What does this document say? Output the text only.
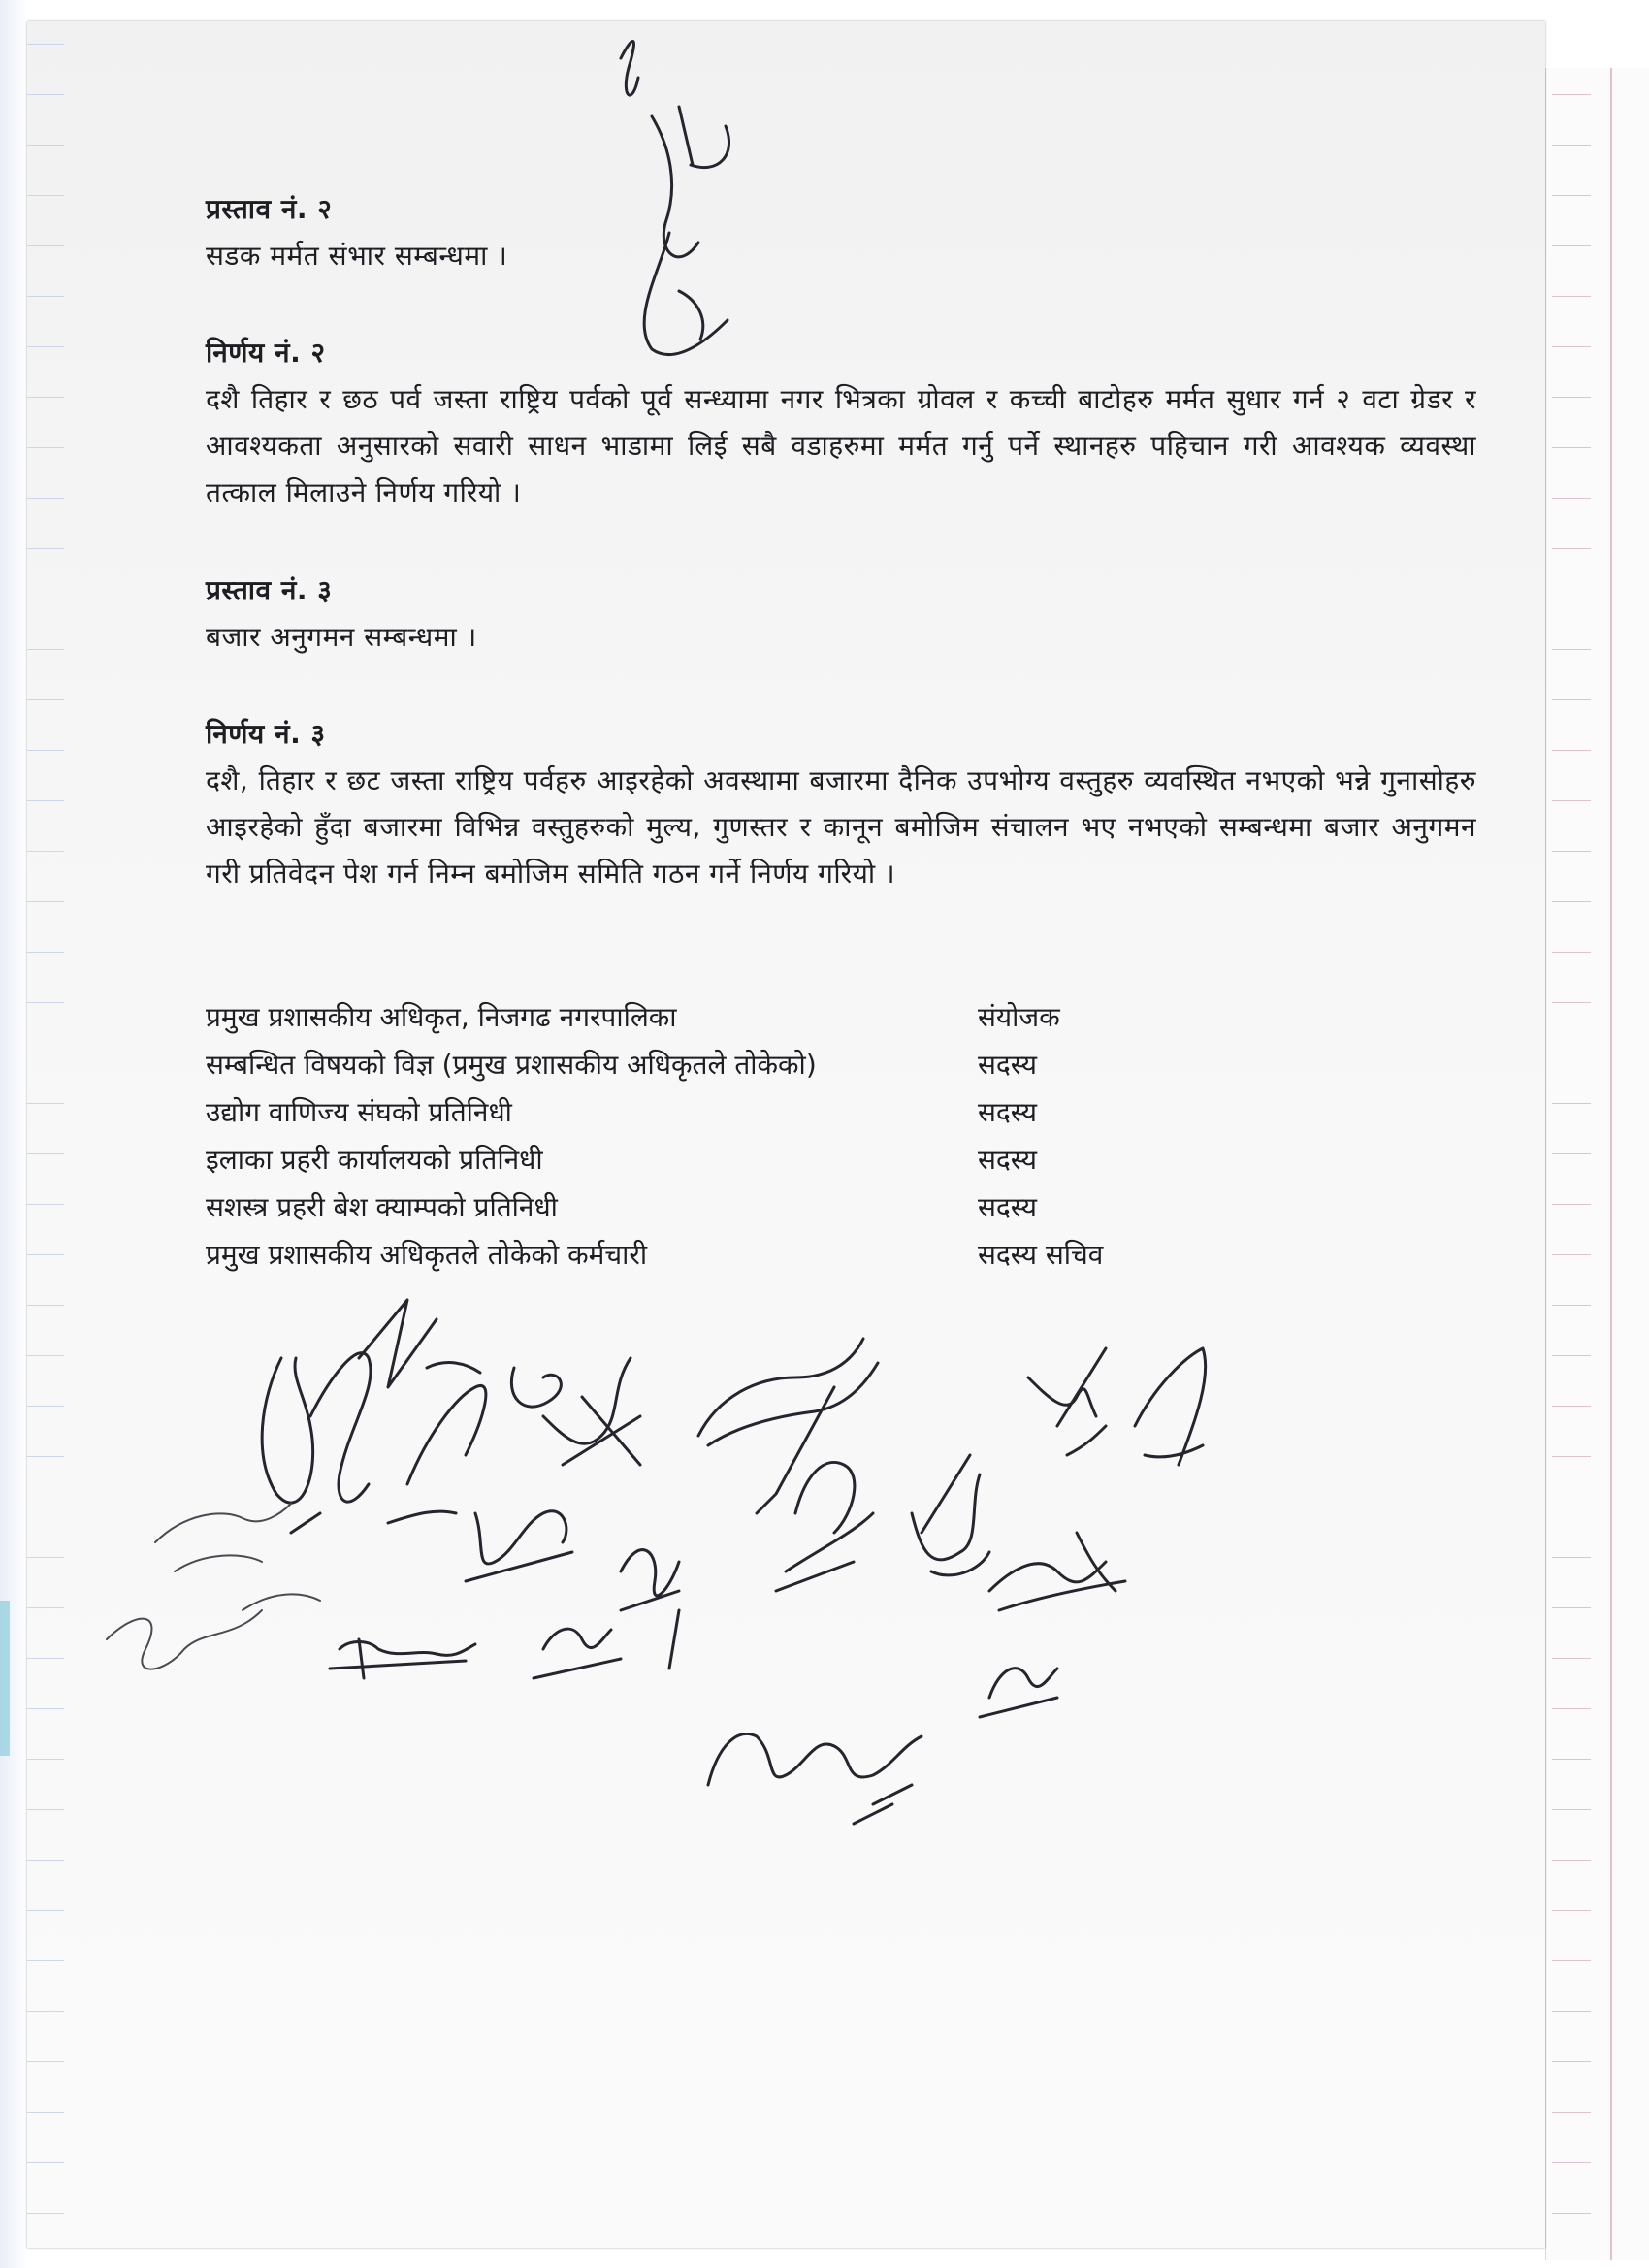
प्रस्ताव नं. २
सडक मर्मत संभार सम्बन्धमा ।
निर्णय नं. २
दशै तिहार र छठ पर्व जस्ता राष्ट्रिय पर्वको पूर्व सन्ध्यामा नगर भित्रका ग्रोवल र कच्ची बाटोहरु मर्मत सुधार गर्न २ वटा ग्रेडर र आवश्यकता अनुसारको सवारी साधन भाडामा लिई सबै वडाहरुमा मर्मत गर्नु पर्ने स्थानहरु पहिचान गरी आवश्यक व्यवस्था तत्काल मिलाउने निर्णय गरियो ।
प्रस्ताव नं. ३
बजार अनुगमन सम्बन्धमा ।
निर्णय नं. ३
दशै, तिहार र छट जस्ता राष्ट्रिय पर्वहरु आइरहेको अवस्थामा बजारमा दैनिक उपभोग्य वस्तुहरु व्यवस्थित नभएको भन्ने गुनासोहरु आइरहेको हुँदा बजारमा विभिन्न वस्तुहरुको मुल्य, गुणस्तर र कानून बमोजिम संचालन भए नभएको सम्बन्धमा बजार अनुगमन गरी प्रतिवेदन पेश गर्न निम्न बमोजिम समिति गठन गर्ने निर्णय गरियो ।
प्रमुख प्रशासकीय अधिकृत, निजगढ नगरपालिका	संयोजक
सम्बन्धित विषयको विज्ञ (प्रमुख प्रशासकीय अधिकृतले तोकेको)	सदस्य
उद्योग वाणिज्य संघको प्रतिनिधी	सदस्य
इलाका प्रहरी कार्यालयको प्रतिनिधी	सदस्य
सशस्त्र प्रहरी बेश क्याम्पको प्रतिनिधी	सदस्य
प्रमुख प्रशासकीय अधिकृतले तोकेको कर्मचारी	सदस्य सचिव
